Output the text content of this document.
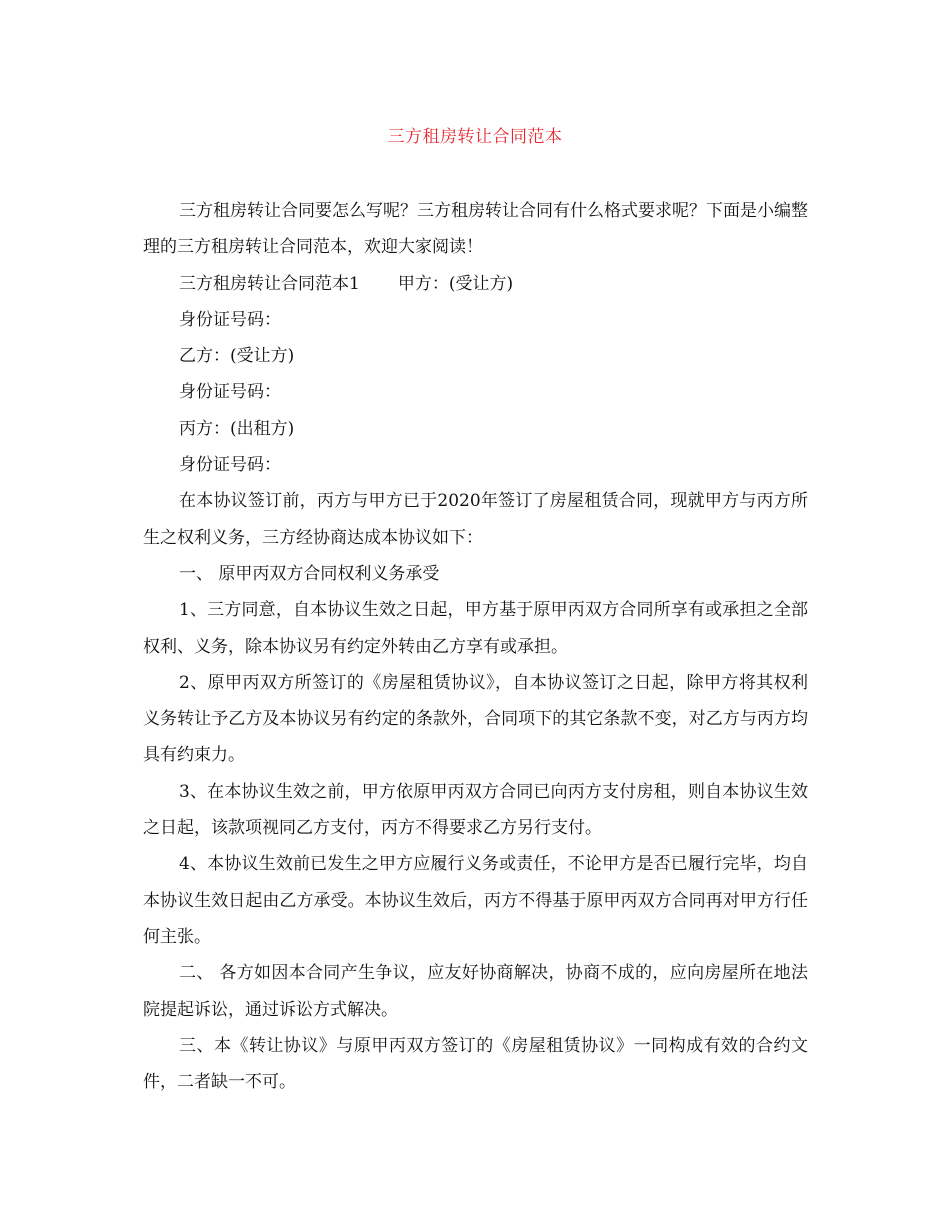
三方租房转让合同范本

三方租房转让合同要怎么写呢？三方租房转让合同有什么格式要求呢？下面是小编整理的三方租房转让合同范本，欢迎大家阅读！

三方租房转让合同范本1 甲方：(受让方)

身份证号码：

乙方：(受让方)

身份证号码：

丙方：(出租方)

身份证号码：

在本协议签订前，丙方与甲方已于2020年签订了房屋租赁合同，现就甲方与丙方所生之权利义务，三方经协商达成本协议如下：

一、 原甲丙双方合同权利义务承受

1、三方同意，自本协议生效之日起，甲方基于原甲丙双方合同所享有或承担之全部权利、义务，除本协议另有约定外转由乙方享有或承担。

2、原甲丙双方所签订的《房屋租赁协议》，自本协议签订之日起，除甲方将其权利义务转让予乙方及本协议另有约定的条款外，合同项下的其它条款不变，对乙方与丙方均具有约束力。

3、在本协议生效之前，甲方依原甲丙双方合同已向丙方支付房租，则自本协议生效之日起，该款项视同乙方支付，丙方不得要求乙方另行支付。

4、本协议生效前已发生之甲方应履行义务或责任，不论甲方是否已履行完毕，均自本协议生效日起由乙方承受。本协议生效后，丙方不得基于原甲丙双方合同再对甲方行任何主张。

二、 各方如因本合同产生争议，应友好协商解决，协商不成的，应向房屋所在地法院提起诉讼，通过诉讼方式解决。

三、本《转让协议》与原甲丙双方签订的《房屋租赁协议》一同构成有效的合约文件，二者缺一不可。
